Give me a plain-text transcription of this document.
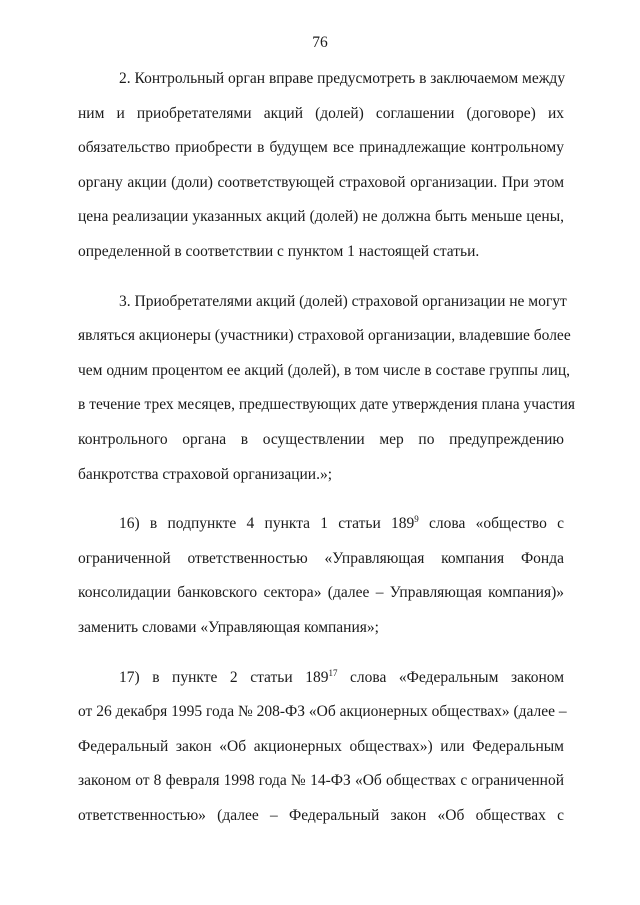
76

2. Контрольный орган вправе предусмотреть в заключаемом между
ним и приобретателями акций (долей) соглашении (договоре) их
обязательство приобрести в будущем все принадлежащие контрольному
органу акции (доли) соответствующей страховой организации. При этом
цена реализации указанных акций (долей) не должна быть меньше цены,
определенной в соответствии с пунктом 1 настоящей статьи.

3. Приобретателями акций (долей) страховой организации не могут
являться акционеры (участники) страховой организации, владевшие более
чем одним процентом ее акций (долей), в том числе в составе группы лиц,
в течение трех месяцев, предшествующих дате утверждения плана участия
контрольного органа в осуществлении мер по предупреждению
банкротства страховой организации.»;

16) в подпункте 4 пункта 1 статьи $189^9$ слова «общество с
ограниченной ответственностью «Управляющая компания Фонда
консолидации банковского сектора» (далее – Управляющая компания)»
заменить словами «Управляющая компания»;

17) в пункте 2 статьи $189^{17}$ слова «Федеральным законом
от 26 декабря 1995 года № 208-ФЗ «Об акционерных обществах» (далее –
Федеральный закон «Об акционерных обществах») или Федеральным
законом от 8 февраля 1998 года № 14-ФЗ «Об обществах с ограниченной
ответственностью» (далее – Федеральный закон «Об обществах с
